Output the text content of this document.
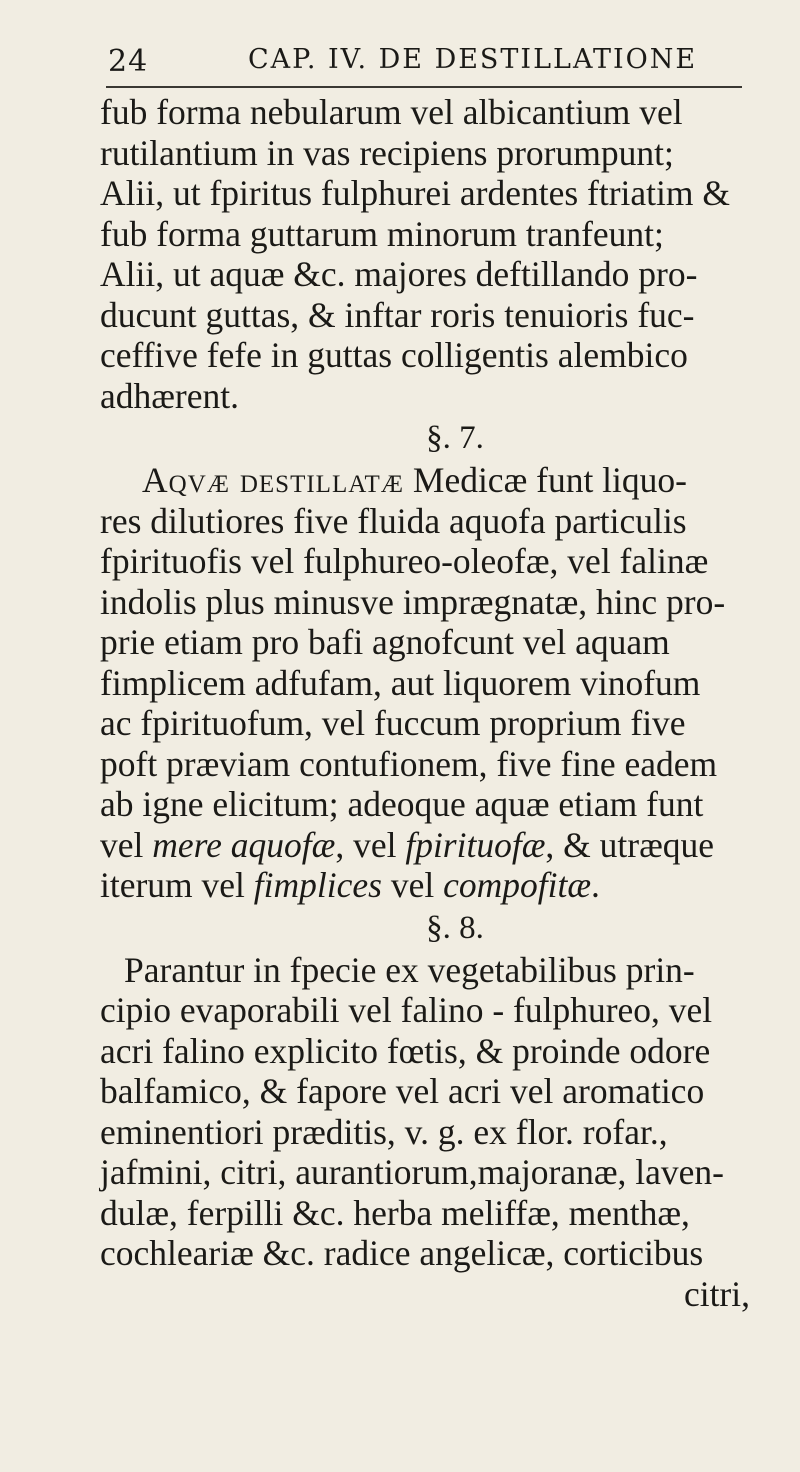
24	CAP. IV. DE DESTILLATIONE

fub forma nebularum vel albicantium vel
rutilantium in vas recipiens prorumpunt;
Alii, ut fpiritus fulphurei ardentes ftriatim &
fub forma guttarum minorum tranfeunt;
Alii, ut aquæ &c. majores deftillando pro-
ducunt guttas, & inftar roris tenuioris fuc-
ceffive fefe in guttas colligentis alembico
adhærent.

§. 7.

Aqvæ destillatæ Medicæ funt liquo-
res dilutiores five fluida aquofa particulis
fpirituofis vel fulphureo-oleofæ, vel falinæ
indolis plus minusve imprægnatæ, hinc pro-
prie etiam pro bafi agnofcunt vel aquam
fimplicem adfufam, aut liquorem vinofum
ac fpirituofum, vel fuccum proprium five
poft præviam contufionem, five fine eadem
ab igne elicitum; adeoque aquæ etiam funt
vel mere aquofæ, vel fpirituofæ, & utræque
iterum vel fimplices vel compofitæ.

§. 8.

Parantur in fpecie ex vegetabilibus prin-
cipio evaporabili vel falino - fulphureo, vel
acri falino explicito fœtis, & proinde odore
balfamico, & fapore vel acri vel aromatico
eminentiori præditis, v. g. ex flor. rofar.,
jafmini, citri, aurantiorum,majoranæ, laven-
dulæ, ferpilli &c. herba meliffæ, menthæ,
cochleariæ &c. radice angelicæ, corticibus
citri,
